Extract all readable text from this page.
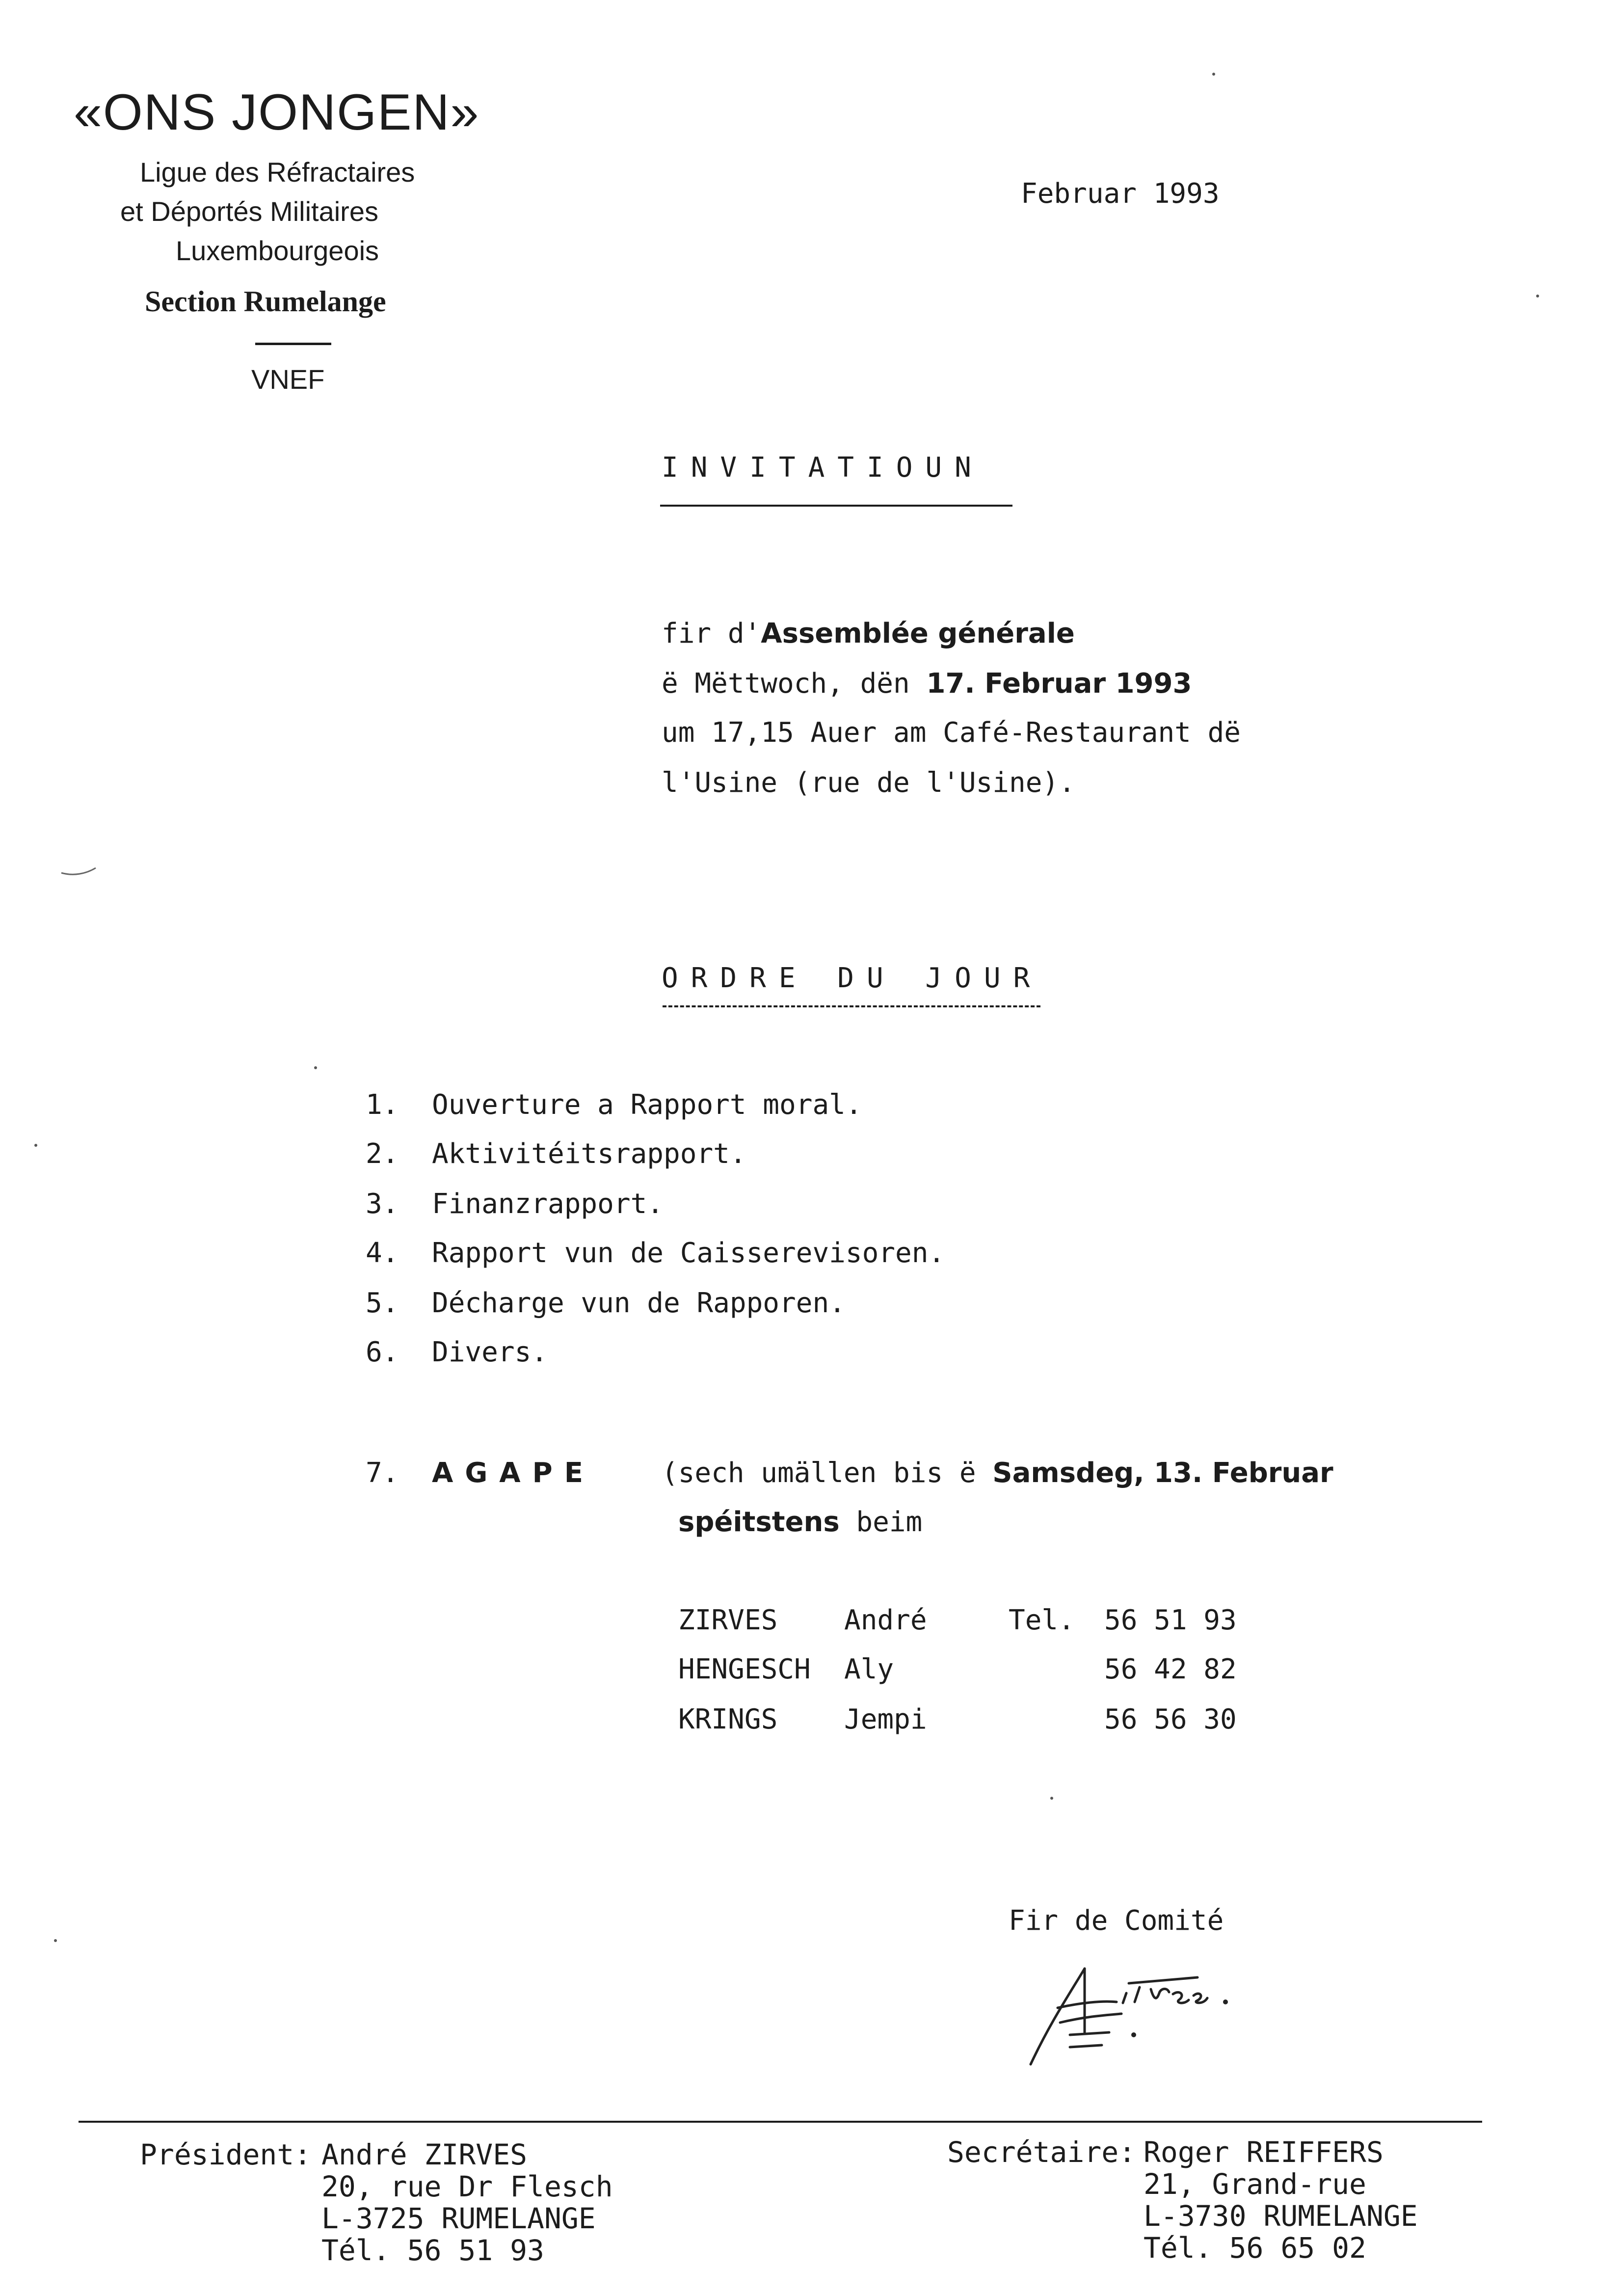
«ONS JONGEN»
Ligue des Réfractaires
et Déportés Militaires
Luxembourgeois
Section Rumelange
VNEF
Februar 1993
INVITATIOUN
fir d'Assemblée générale
ë Mëttwoch, dën 17. Februar 1993
um 17,15 Auer am Café-Restaurant dë
l'Usine (rue de l'Usine).
ORDRE DU JOUR
1. Ouverture a Rapport moral.
2. Aktivitéitsrapport.
3. Finanzrapport.
4. Rapport vun de Caisserevisoren.
5. Décharge vun de Rapporen.
6. Divers.
7. AGAPE (sech umällen bis ë Samsdeg, 13. Februar
spéitstens beim
ZIRVES André	Tel. 56 51 93
HENGESCH Aly	56 42 82
KRINGS Jempi	56 56 30
Fir de Comité
Président: André ZIRVES
20, rue Dr Flesch
L-3725 RUMELANGE
Tél. 56 51 93
Secrétaire: Roger REIFFERS
21, Grand-rue
L-3730 RUMELANGE
Tél. 56 65 02
